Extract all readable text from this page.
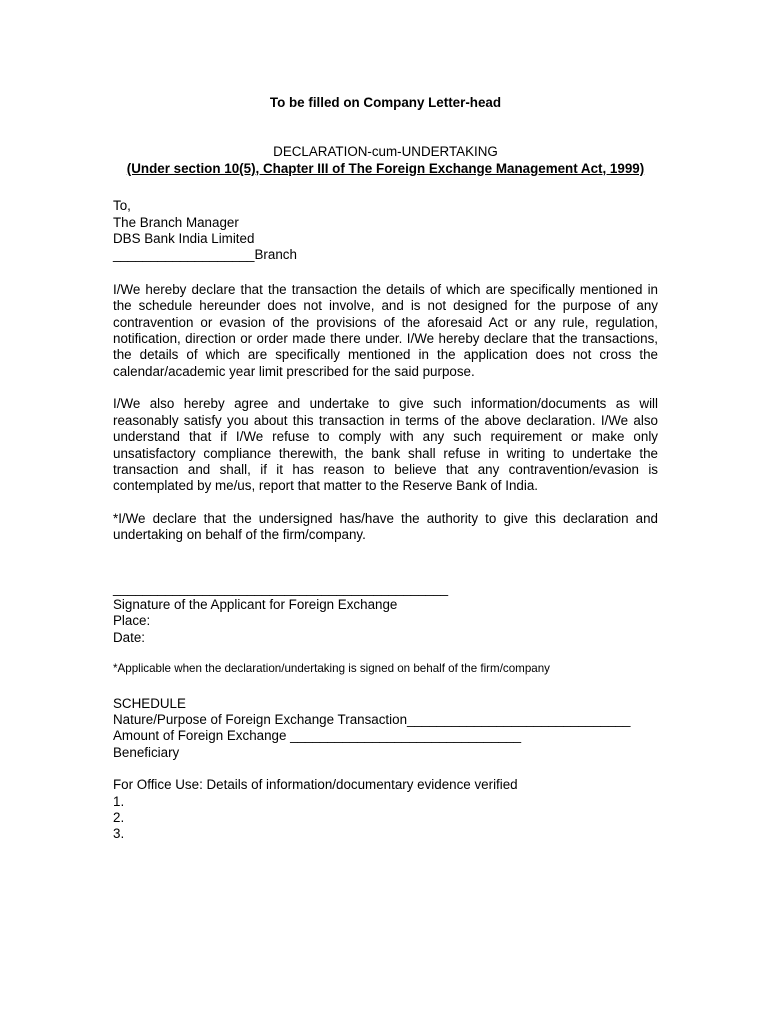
To be filled on Company Letter-head
DECLARATION-cum-UNDERTAKING
(Under section 10(5), Chapter III of The Foreign Exchange Management Act, 1999)
To,
The Branch Manager
DBS Bank India Limited
___________________Branch

I/We hereby declare that the transaction the details of which are specifically mentioned in the schedule hereunder does not involve, and is not designed for the purpose of any contravention or evasion of the provisions of the aforesaid Act or any rule, regulation, notification, direction or order made there under. I/We hereby declare that the transactions, the details of which are specifically mentioned in the application does not cross the calendar/academic year limit prescribed for the said purpose.

I/We also hereby agree and undertake to give such information/documents as will reasonably satisfy you about this transaction in terms of the above declaration. I/We also understand that if I/We refuse to comply with any such requirement or make only unsatisfactory compliance therewith, the bank shall refuse in writing to undertake the transaction and shall, if it has reason to believe that any contravention/evasion is contemplated by me/us, report that matter to the Reserve Bank of India.

*I/We declare that the undersigned has/have the authority to give this declaration and undertaking on behalf of the firm/company.

_____________________________________________
Signature of the Applicant for Foreign Exchange
Place:
Date:
*Applicable when the declaration/undertaking is signed on behalf of the firm/company
SCHEDULE
Nature/Purpose of Foreign Exchange Transaction______________________________
Amount of Foreign Exchange _______________________________
Beneficiary
For Office Use: Details of information/documentary evidence verified
1.
2.
3.
